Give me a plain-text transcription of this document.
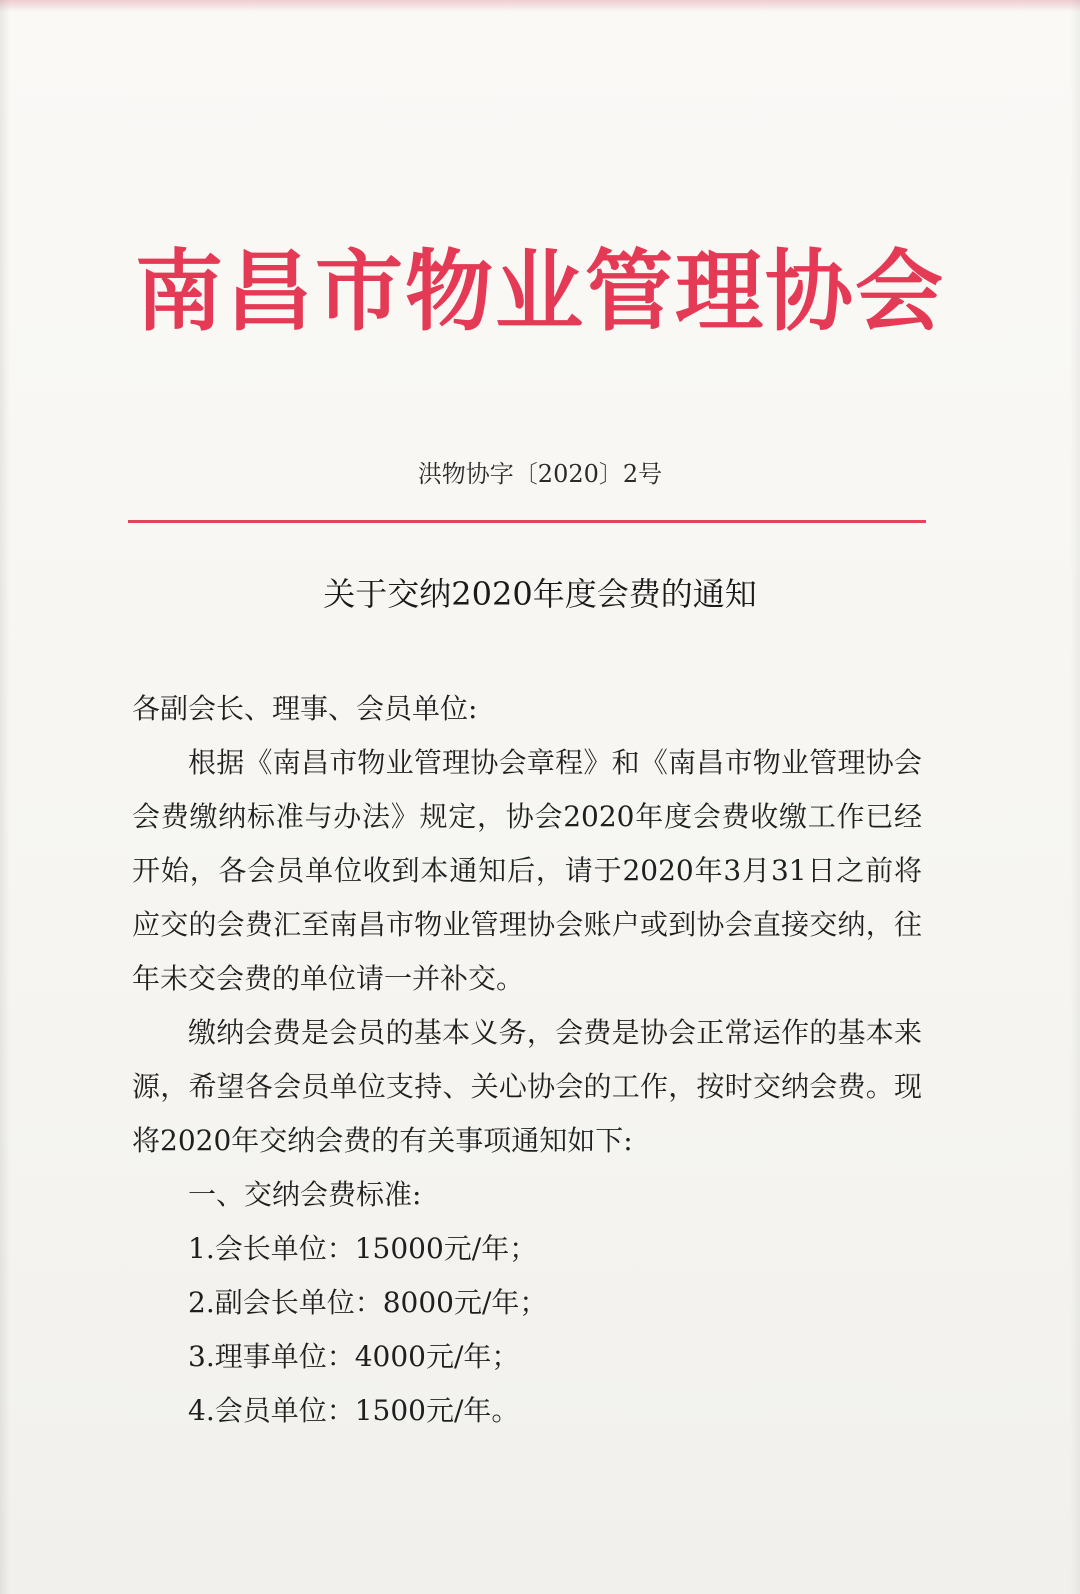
南昌市物业管理协会
洪物协字〔2020〕2号
关于交纳2020年度会费的通知

各副会长、理事、会员单位:

根据《南昌市物业管理协会章程》和《南昌市物业管理协会会费缴纳标准与办法》规定，协会2020年度会费收缴工作已经开始，各会员单位收到本通知后，请于2020年3月31日之前将应交的会费汇至南昌市物业管理协会账户或到协会直接交纳，往年未交会费的单位请一并补交。

缴纳会费是会员的基本义务，会费是协会正常运作的基本来源，希望各会员单位支持、关心协会的工作，按时交纳会费。现将2020年交纳会费的有关事项通知如下:

一、交纳会费标准:

1.会长单位：15000元/年；

2.副会长单位：8000元/年；

3.理事单位：4000元/年；

4.会员单位：1500元/年。
